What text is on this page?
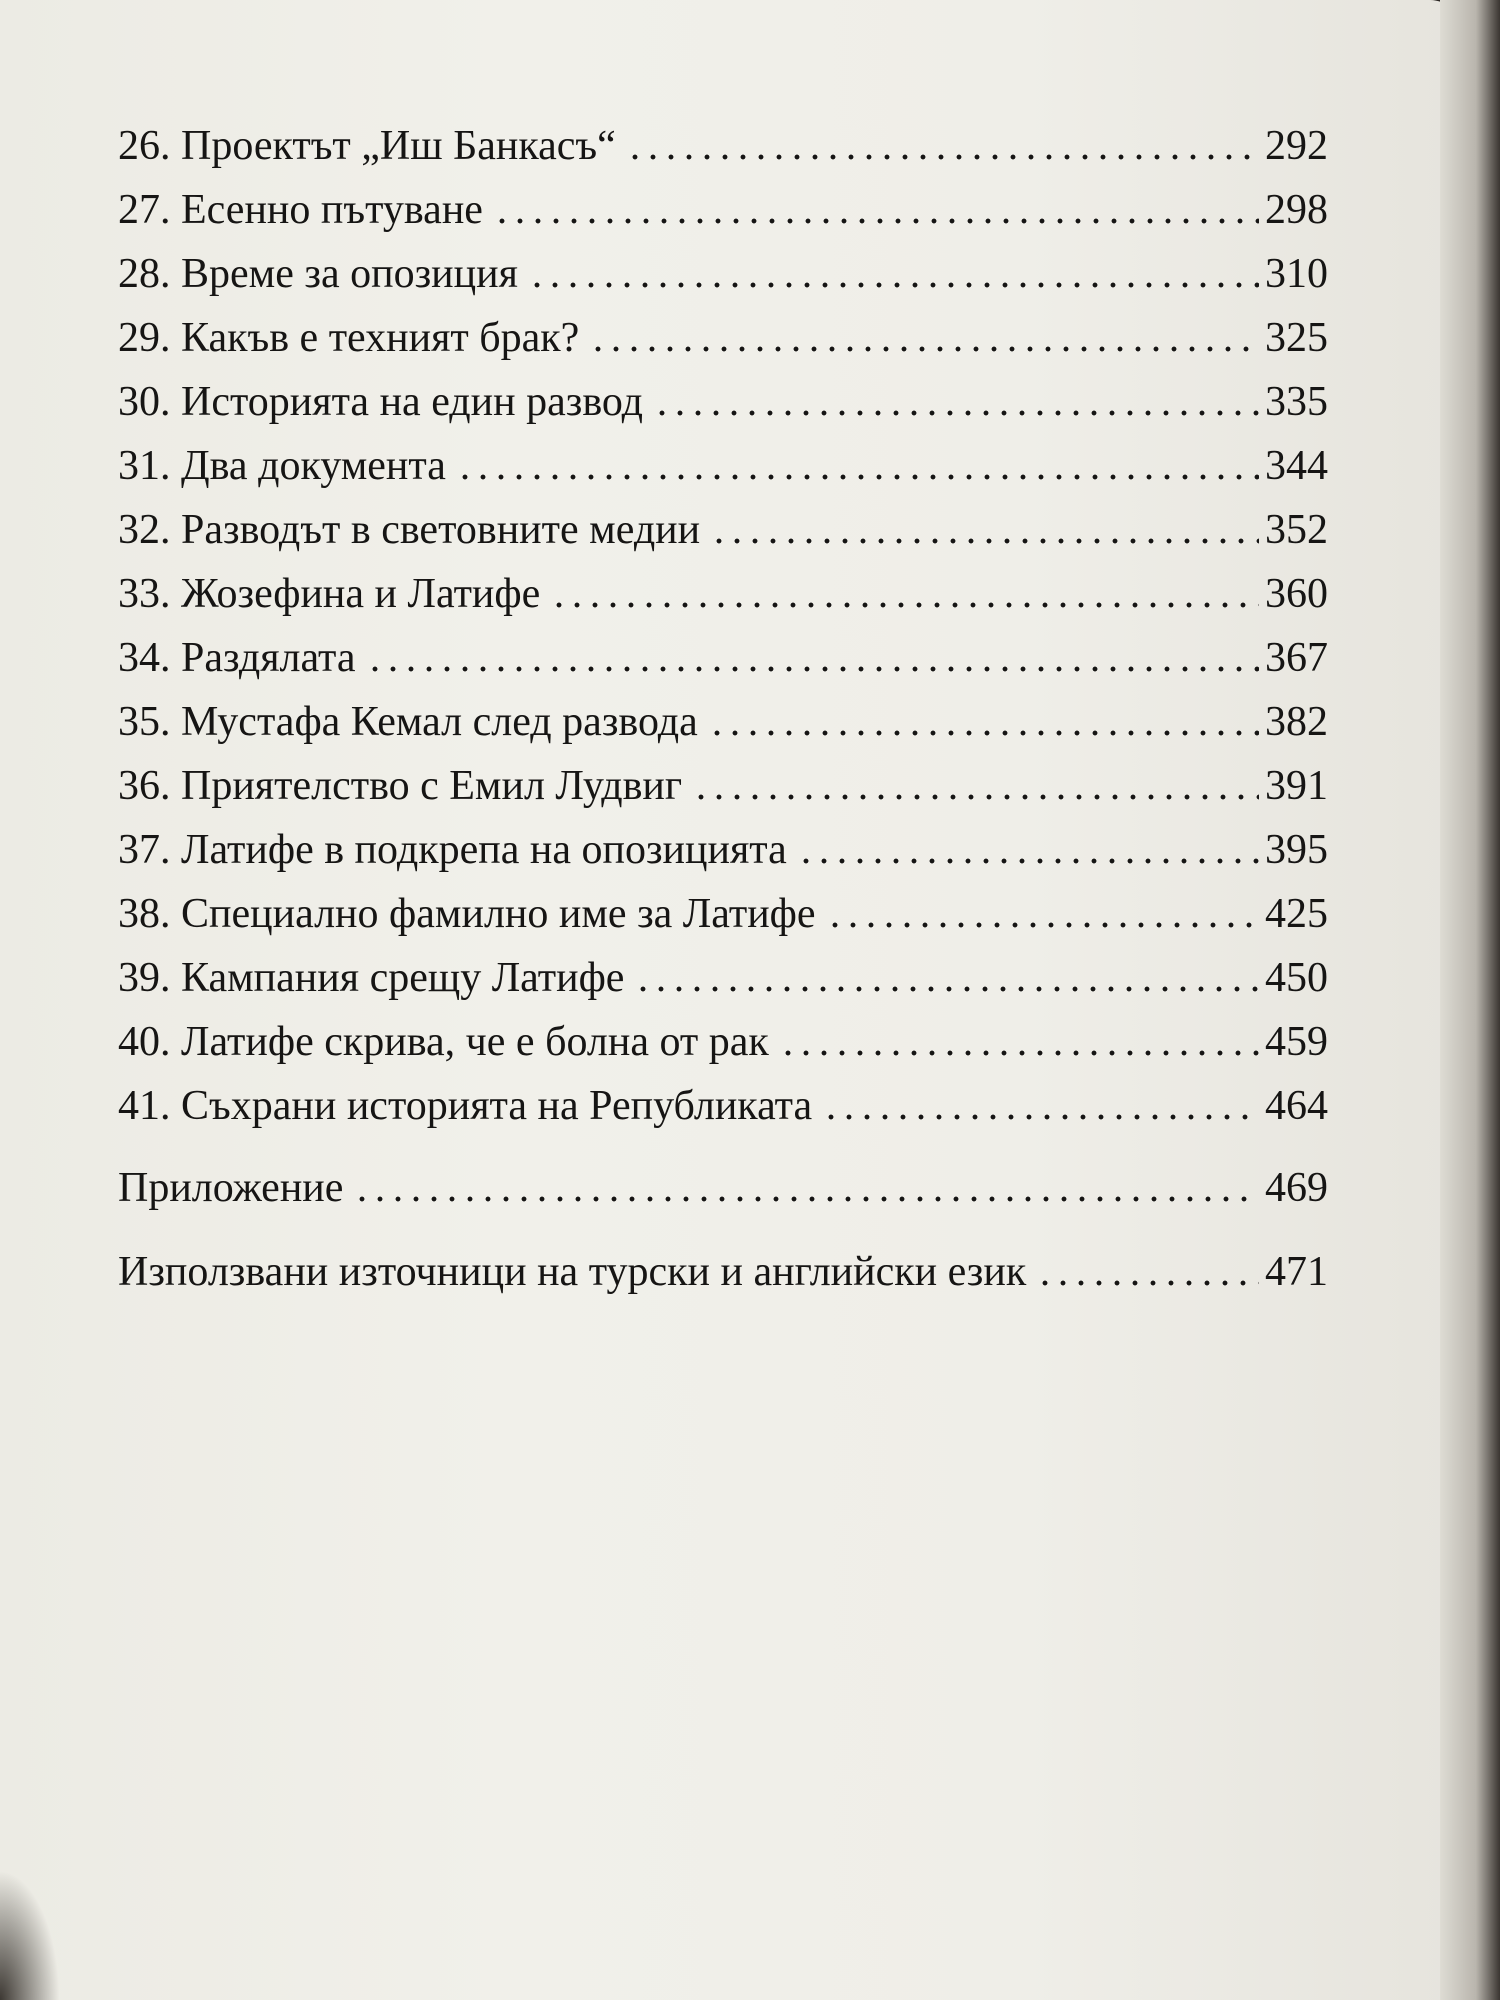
26. Проектът „Иш Банкасъ“	292
27. Есенно пътуване	298
28. Време за опозиция	310
29. Какъв е техният брак?	325
30. Историята на един развод	335
31. Два документа	344
32. Разводът в световните медии	352
33. Жозефина и Латифе	360
34. Раздялата	367
35. Мустафа Кемал след развода	382
36. Приятелство с Емил Лудвиг	391
37. Латифе в подкрепа на опозицията	395
38. Специално фамилно име за Латифе	425
39. Кампания срещу Латифе	450
40. Латифе скрива, че е болна от рак	459
41. Съхрани историята на Републиката	464
Приложение	469
Използвани източници на турски и английски език	471
